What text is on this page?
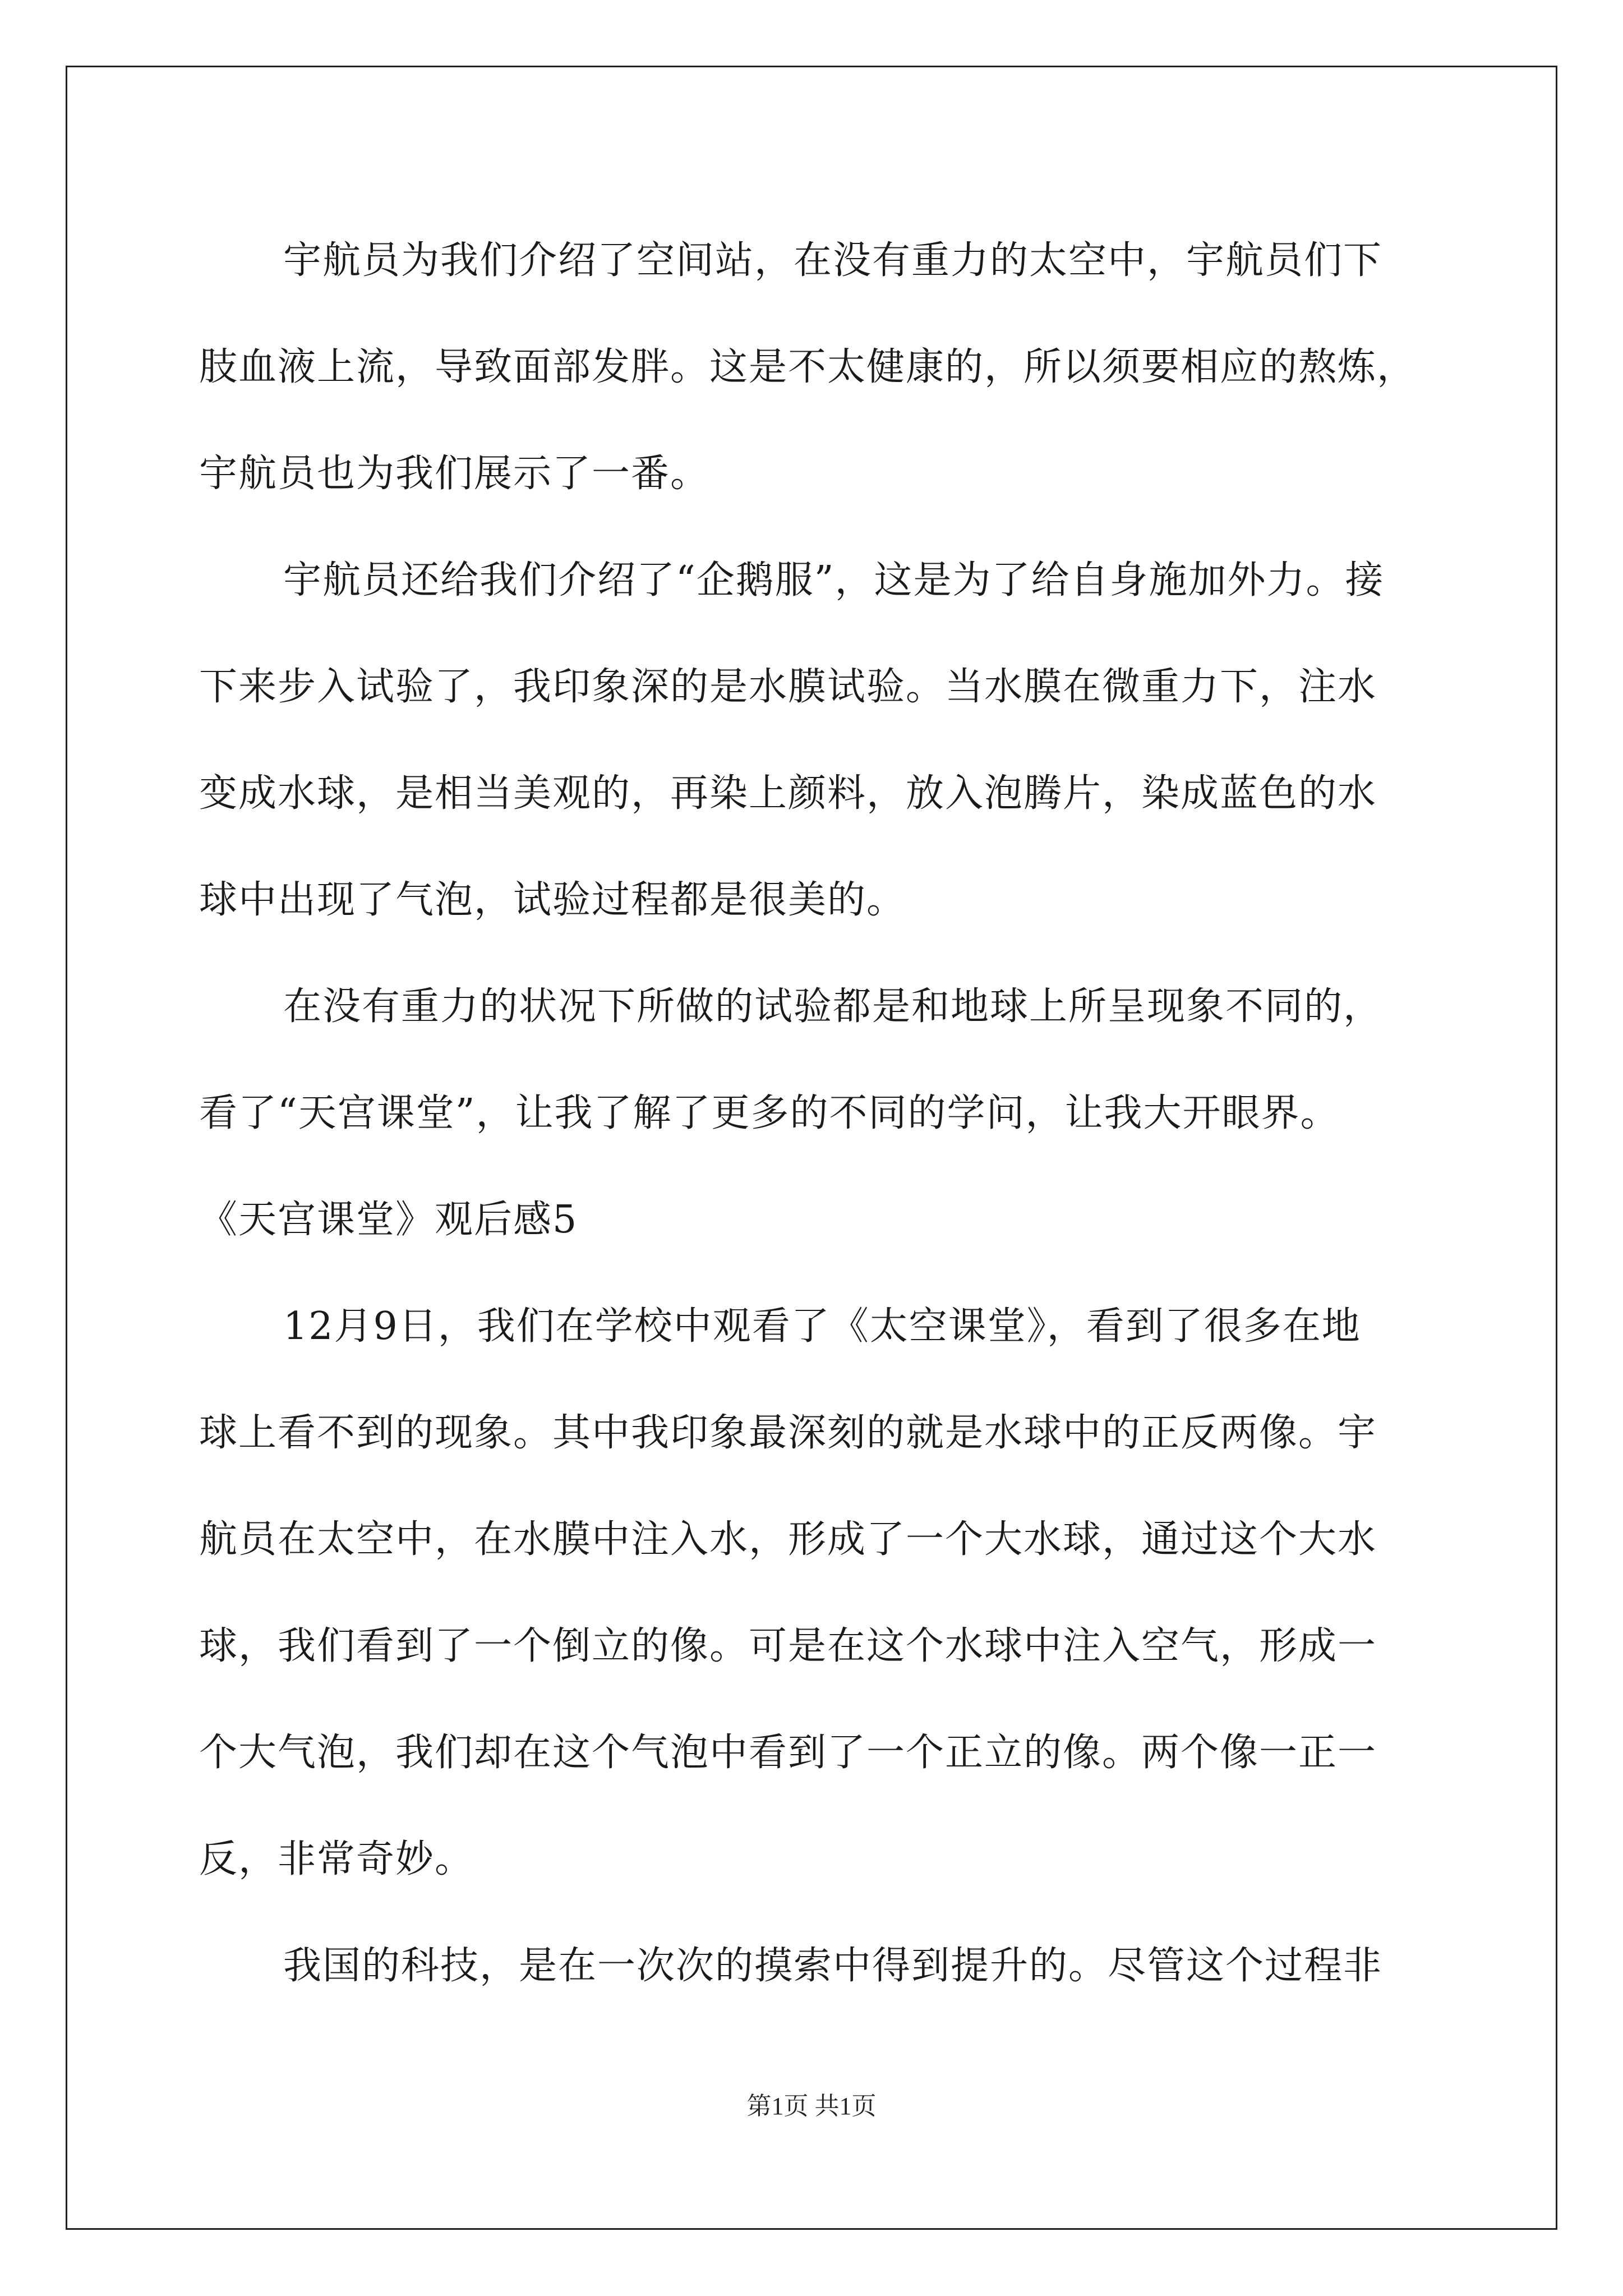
宇航员为我们介绍了空间站，在没有重力的太空中，宇航员们下
肢血液上流，导致面部发胖。这是不太健康的，所以须要相应的熬炼，
宇航员也为我们展示了一番。
宇航员还给我们介绍了“企鹅服”，这是为了给自身施加外力。接
下来步入试验了，我印象深的是水膜试验。当水膜在微重力下，注水
变成水球，是相当美观的，再染上颜料，放入泡腾片，染成蓝色的水
球中出现了气泡，试验过程都是很美的。
在没有重力的状况下所做的试验都是和地球上所呈现象不同的，
看了“天宫课堂”，让我了解了更多的不同的学问，让我大开眼界。
《天宫课堂》观后感5
12月9日，我们在学校中观看了《太空课堂》，看到了很多在地
球上看不到的现象。其中我印象最深刻的就是水球中的正反两像。宇
航员在太空中，在水膜中注入水，形成了一个大水球，通过这个大水
球，我们看到了一个倒立的像。可是在这个水球中注入空气，形成一
个大气泡，我们却在这个气泡中看到了一个正立的像。两个像一正一
反，非常奇妙。
我国的科技，是在一次次的摸索中得到提升的。尽管这个过程非
第1页 共1页
